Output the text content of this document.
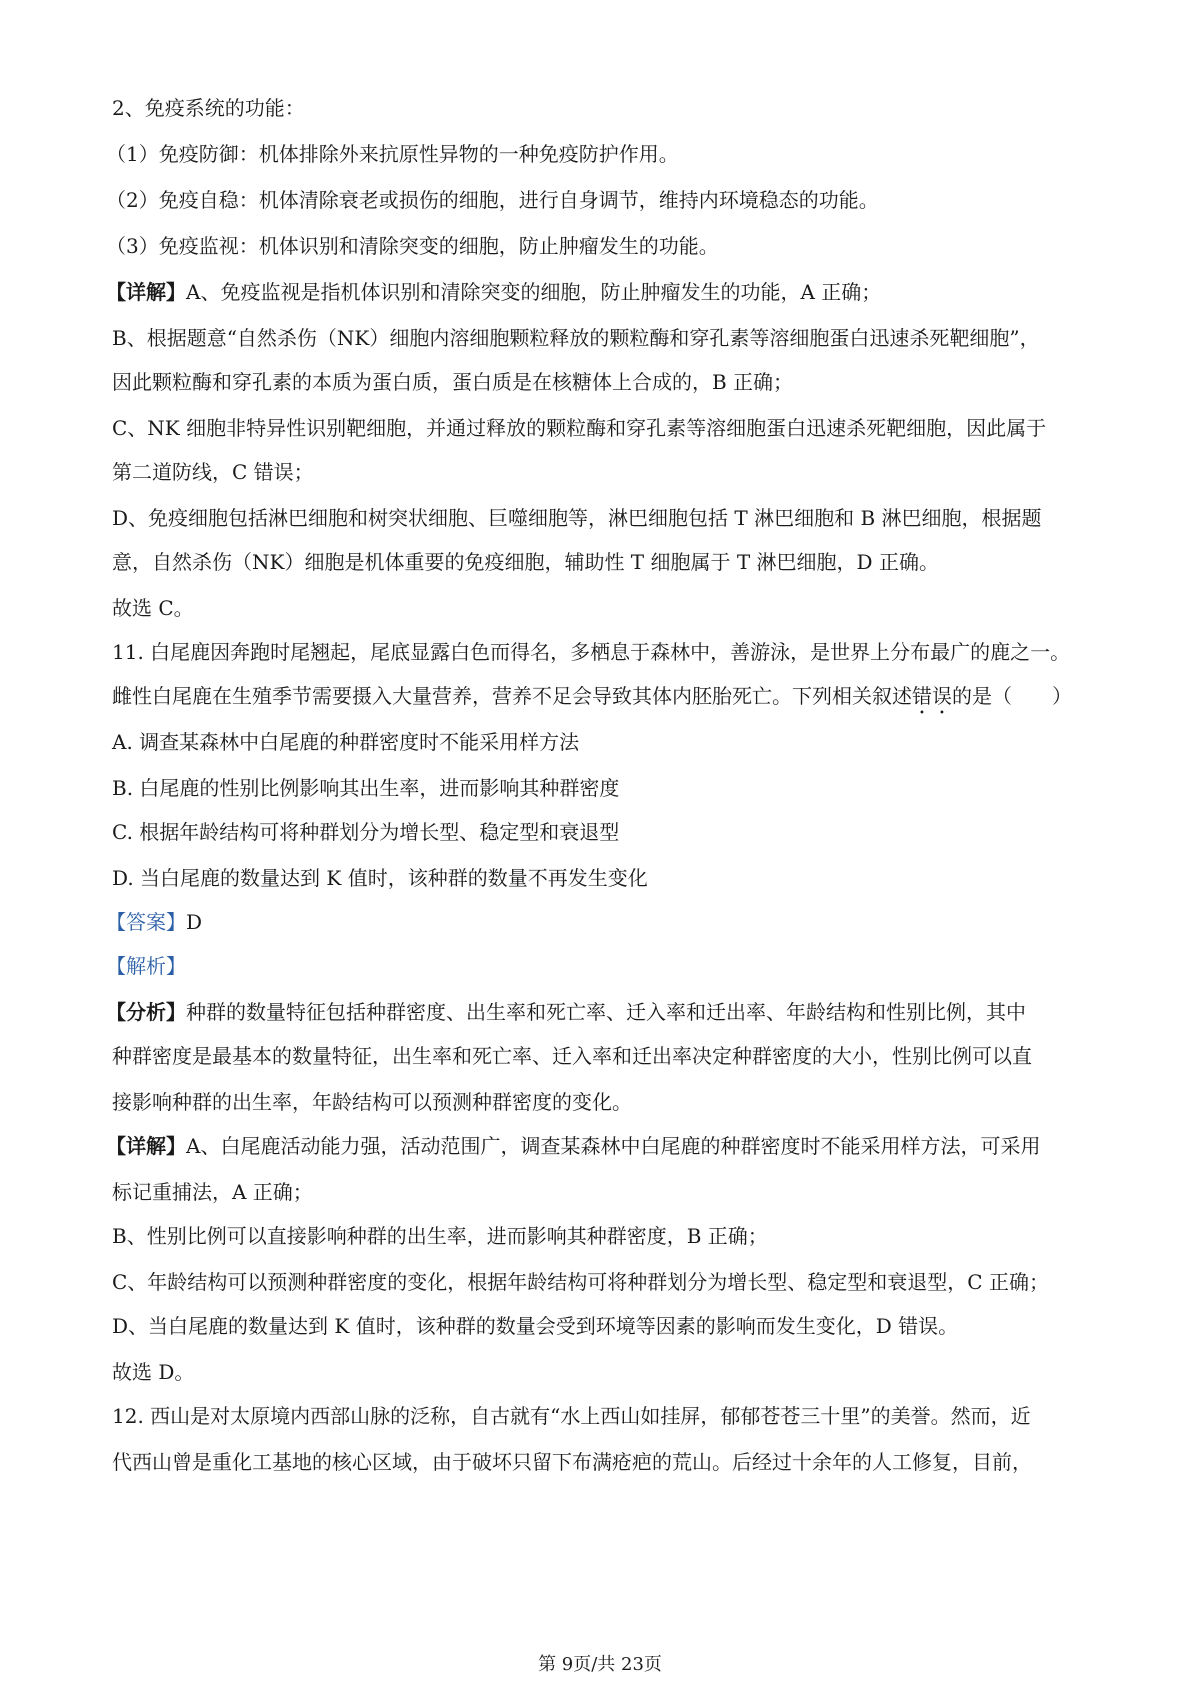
2、免疫系统的功能：
（1）免疫防御：机体排除外来抗原性异物的一种免疫防护作用。
（2）免疫自稳：机体清除衰老或损伤的细胞，进行自身调节，维持内环境稳态的功能。
（3）免疫监视：机体识别和清除突变的细胞，防止肿瘤发生的功能。
【详解】A、免疫监视是指机体识别和清除突变的细胞，防止肿瘤发生的功能，A 正确；
B、根据题意“自然杀伤（NK）细胞内溶细胞颗粒释放的颗粒酶和穿孔素等溶细胞蛋白迅速杀死靶细胞”，
因此颗粒酶和穿孔素的本质为蛋白质，蛋白质是在核糖体上合成的，B 正确；
C、NK 细胞非特异性识别靶细胞，并通过释放的颗粒酶和穿孔素等溶细胞蛋白迅速杀死靶细胞，因此属于
第二道防线，C 错误；
D、免疫细胞包括淋巴细胞和树突状细胞、巨噬细胞等，淋巴细胞包括 T 淋巴细胞和 B 淋巴细胞，根据题
意，自然杀伤（NK）细胞是机体重要的免疫细胞，辅助性 T 细胞属于 T 淋巴细胞，D 正确。
故选 C。
11. 白尾鹿因奔跑时尾翘起，尾底显露白色而得名，多栖息于森林中，善游泳，是世界上分布最广的鹿之一。
雌性白尾鹿在生殖季节需要摄入大量营养，营养不足会导致其体内胚胎死亡。下列相关叙述错误的是（　　）
A. 调查某森林中白尾鹿的种群密度时不能采用样方法
B. 白尾鹿的性别比例影响其出生率，进而影响其种群密度
C. 根据年龄结构可将种群划分为增长型、稳定型和衰退型
D. 当白尾鹿的数量达到 K 值时，该种群的数量不再发生变化
【答案】D
【解析】
【分析】种群的数量特征包括种群密度、出生率和死亡率、迁入率和迁出率、年龄结构和性别比例，其中
种群密度是最基本的数量特征，出生率和死亡率、迁入率和迁出率决定种群密度的大小，性别比例可以直
接影响种群的出生率，年龄结构可以预测种群密度的变化。
【详解】A、白尾鹿活动能力强，活动范围广，调查某森林中白尾鹿的种群密度时不能采用样方法，可采用
标记重捕法，A 正确；
B、性别比例可以直接影响种群的出生率，进而影响其种群密度，B 正确；
C、年龄结构可以预测种群密度的变化，根据年龄结构可将种群划分为增长型、稳定型和衰退型，C 正确；
D、当白尾鹿的数量达到 K 值时，该种群的数量会受到环境等因素的影响而发生变化，D 错误。
故选 D。
12. 西山是对太原境内西部山脉的泛称，自古就有“水上西山如挂屏，郁郁苍苍三十里”的美誉。然而，近
代西山曾是重化工基地的核心区域，由于破坏只留下布满疮疤的荒山。后经过十余年的人工修复，目前，
第 9页/共 23页
